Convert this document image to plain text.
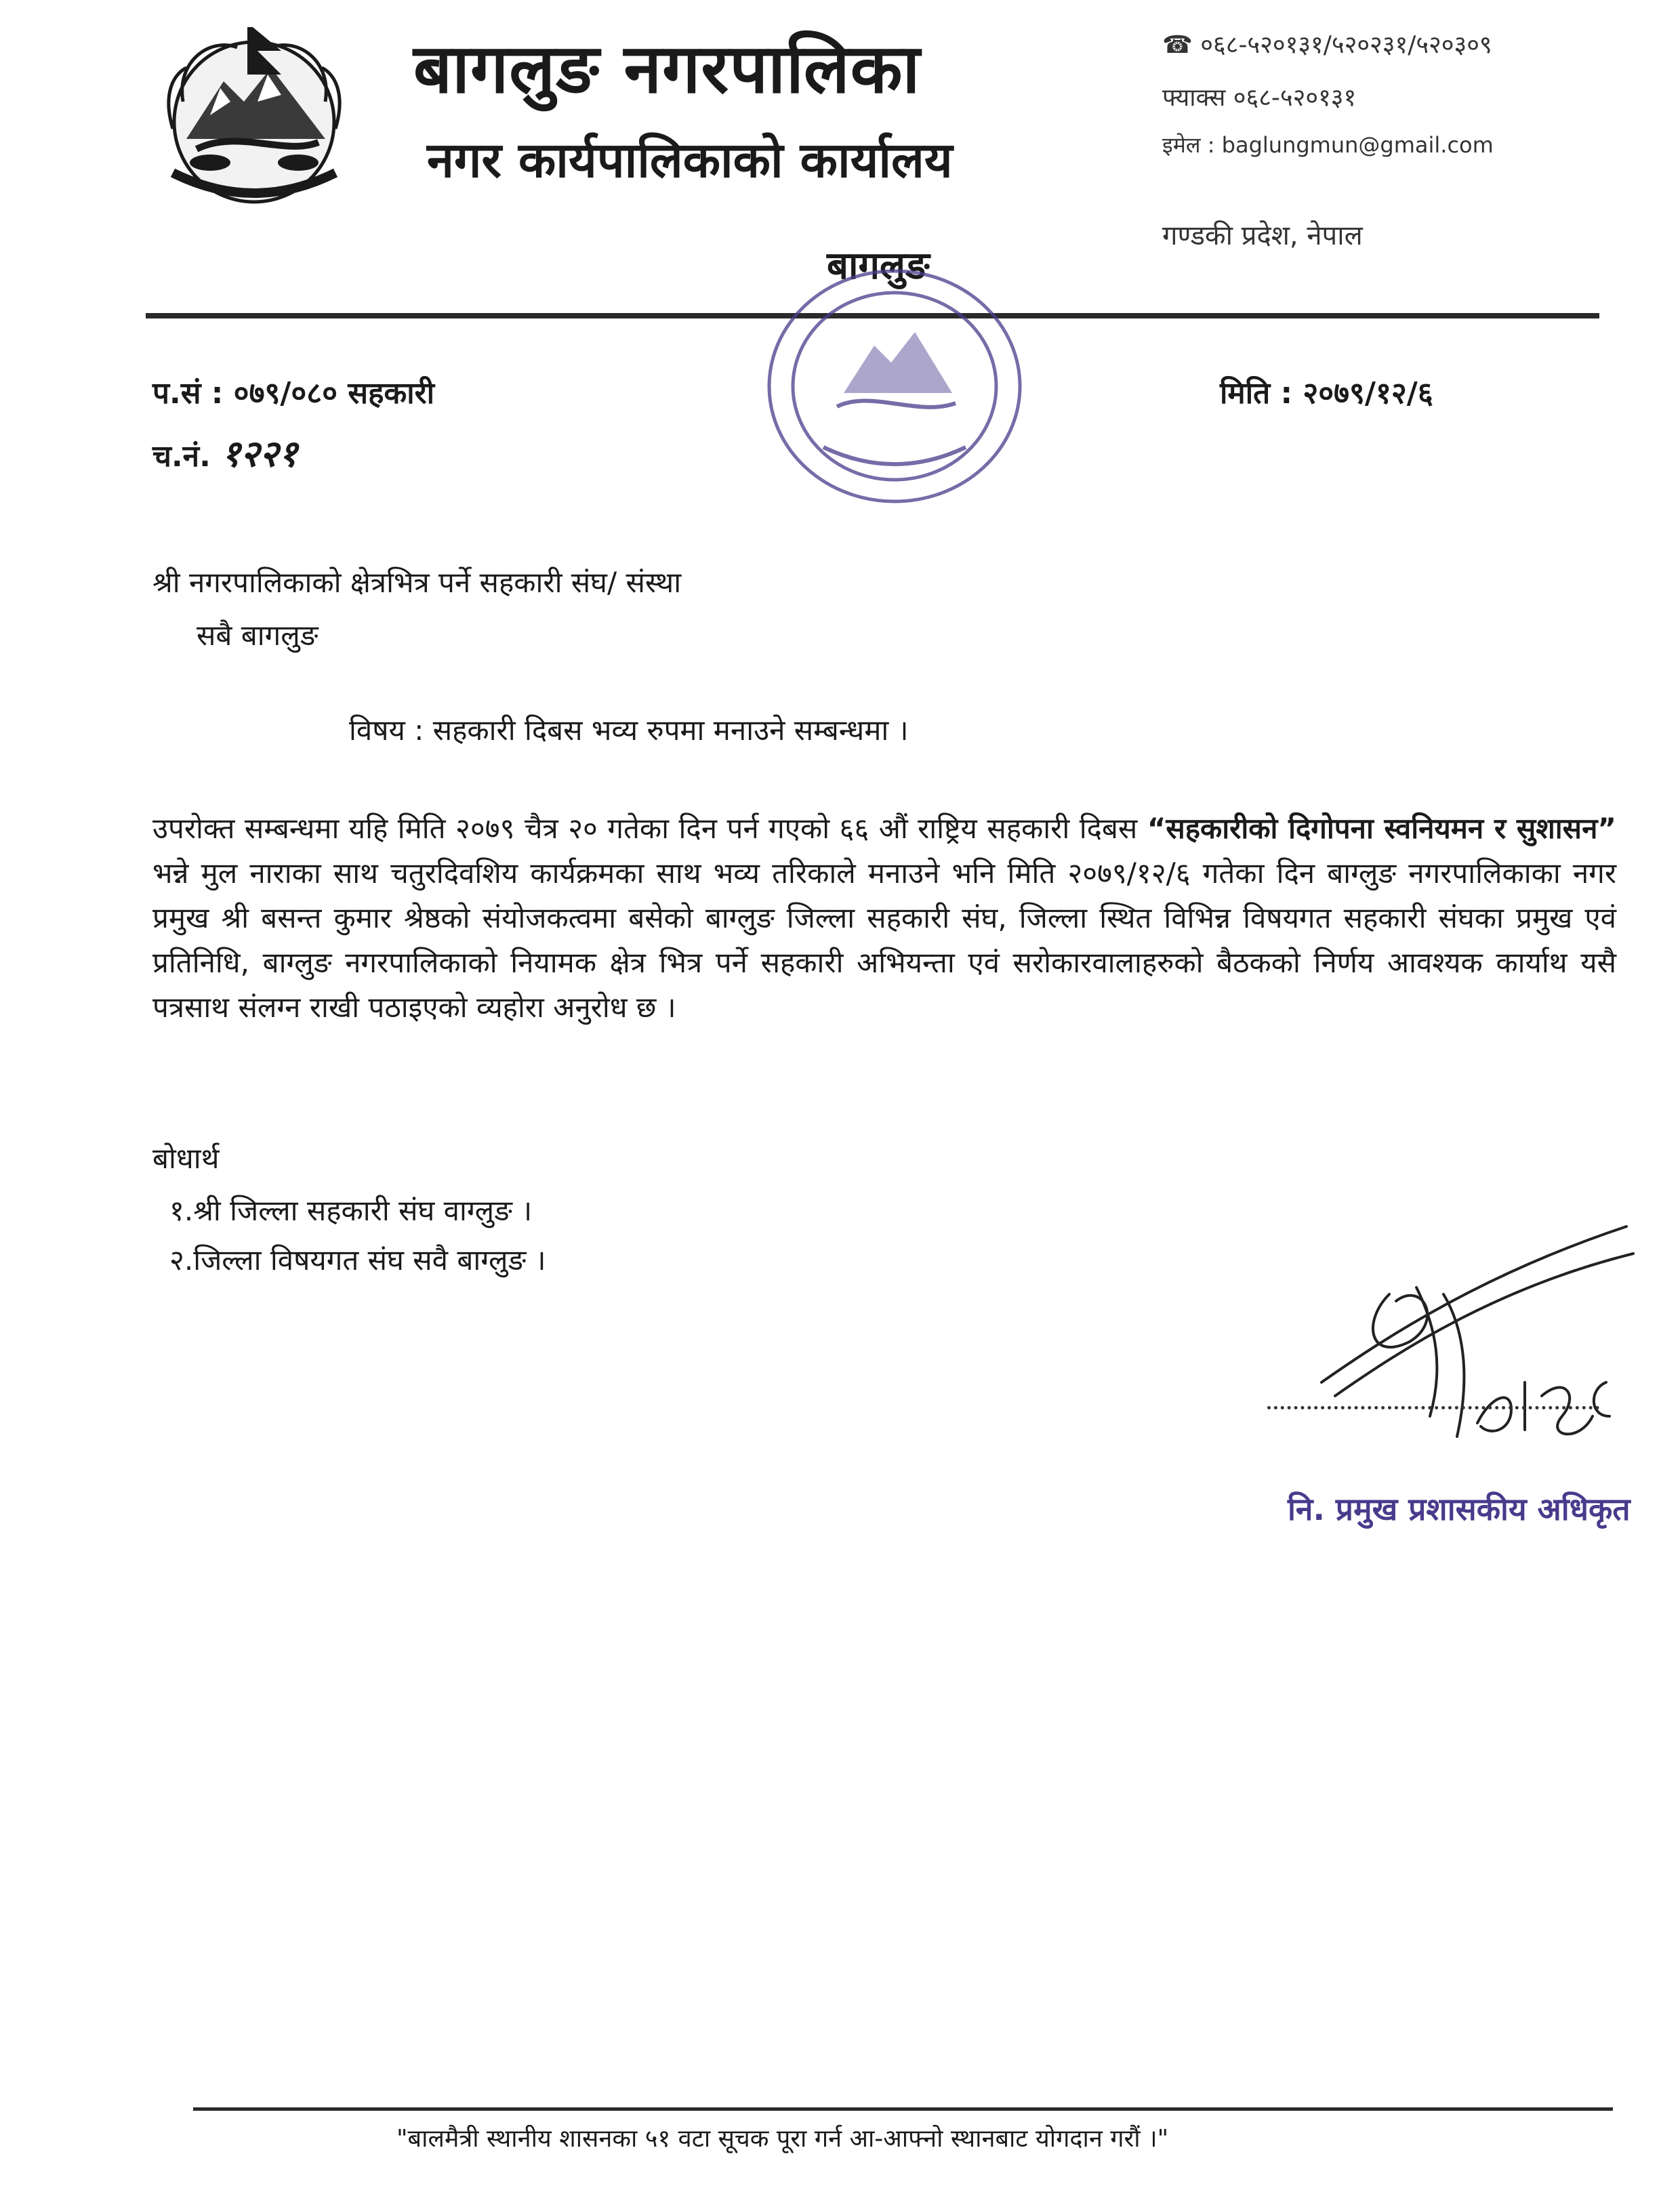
बागलुङ नगरपालिका
नगर कार्यपालिकाको कार्यालय
☎ ०६८-५२०१३१/५२०२३१/५२०३०९
फ्याक्स ०६८-५२०१३१
इमेल : baglungmun@gmail.com
गण्डकी प्रदेश, नेपाल
बागलुङ
प.सं : ०७९/०८० सहकारी
च.नं. १२२१
मिति : २०७९/१२/६
श्री नगरपालिकाको क्षेत्रभित्र पर्ने सहकारी संघ/ संस्था
सबै बागलुङ
विषय : सहकारी दिबस भव्य रुपमा मनाउने सम्बन्धमा ।
उपरोक्त सम्बन्धमा यहि मिति २०७९ चैत्र २० गतेका दिन पर्न गएको ६६ औं राष्ट्रिय सहकारी दिबस “सहकारीको दिगोपना स्वनियमन र सुशासन” भन्ने मुल नाराका साथ चतुरदिवशिय कार्यक्रमका साथ भव्य तरिकाले मनाउने भनि मिति २०७९/१२/६ गतेका दिन बाग्लुङ नगरपालिकाका नगर प्रमुख श्री बसन्त कुमार श्रेष्ठको संयोजकत्वमा बसेको बाग्लुङ जिल्ला सहकारी संघ, जिल्ला स्थित विभिन्न विषयगत सहकारी संघका प्रमुख एवं प्रतिनिधि, बाग्लुङ नगरपालिकाको नियामक क्षेत्र भित्र पर्ने सहकारी अभियन्ता एवं सरोकारवालाहरुको बैठकको निर्णय आवश्यक कार्याथ यसै पत्रसाथ संलग्न राखी पठाइएको व्यहोरा अनुरोध छ ।
बोधार्थ
१.श्री जिल्ला सहकारी संघ वाग्लुङ ।
२.जिल्ला विषयगत संघ सवै बाग्लुङ ।
नि. प्रमुख प्रशासकीय अधिकृत
"बालमैत्री स्थानीय शासनका ५१ वटा सूचक पूरा गर्न आ-आफ्नो स्थानबाट योगदान गरौं ।"
